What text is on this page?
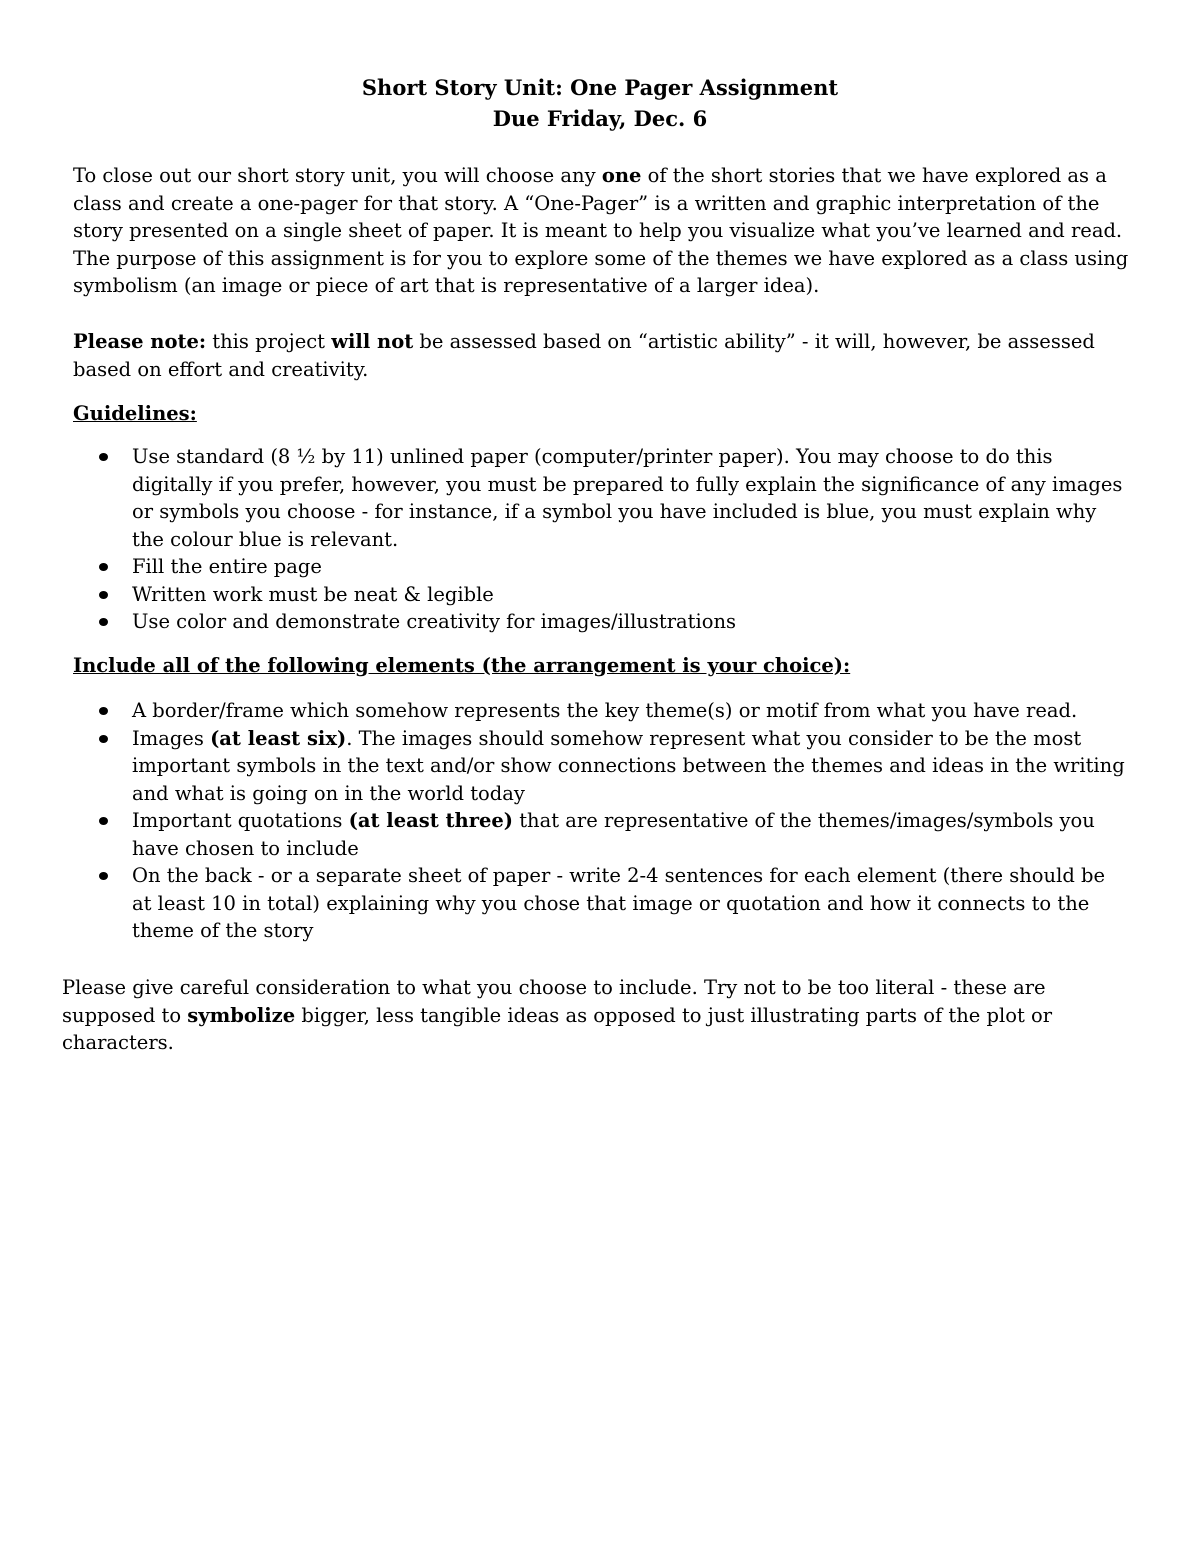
Short Story Unit: One Pager Assignment
Due Friday, Dec. 6

To close out our short story unit, you will choose any one of the short stories that we have explored as a class and create a one-pager for that story. A “One-Pager” is a written and graphic interpretation of the story presented on a single sheet of paper. It is meant to help you visualize what you’ve learned and read. The purpose of this assignment is for you to explore some of the themes we have explored as a class using symbolism (an image or piece of art that is representative of a larger idea).

Please note: this project will not be assessed based on “artistic ability” - it will, however, be assessed based on effort and creativity.

Guidelines:
Use standard (8 ½ by 11) unlined paper (computer/printer paper). You may choose to do this digitally if you prefer, however, you must be prepared to fully explain the significance of any images or symbols you choose - for instance, if a symbol you have included is blue, you must explain why the colour blue is relevant.
Fill the entire page
Written work must be neat & legible
Use color and demonstrate creativity for images/illustrations
Include all of the following elements (the arrangement is your choice):
A border/frame which somehow represents the key theme(s) or motif from what you have read.
Images (at least six). The images should somehow represent what you consider to be the most important symbols in the text and/or show connections between the themes and ideas in the writing and what is going on in the world today
Important quotations (at least three) that are representative of the themes/images/symbols you have chosen to include
On the back - or a separate sheet of paper - write 2-4 sentences for each element (there should be at least 10 in total) explaining why you chose that image or quotation and how it connects to the theme of the story

Please give careful consideration to what you choose to include. Try not to be too literal - these are supposed to symbolize bigger, less tangible ideas as opposed to just illustrating parts of the plot or characters.
